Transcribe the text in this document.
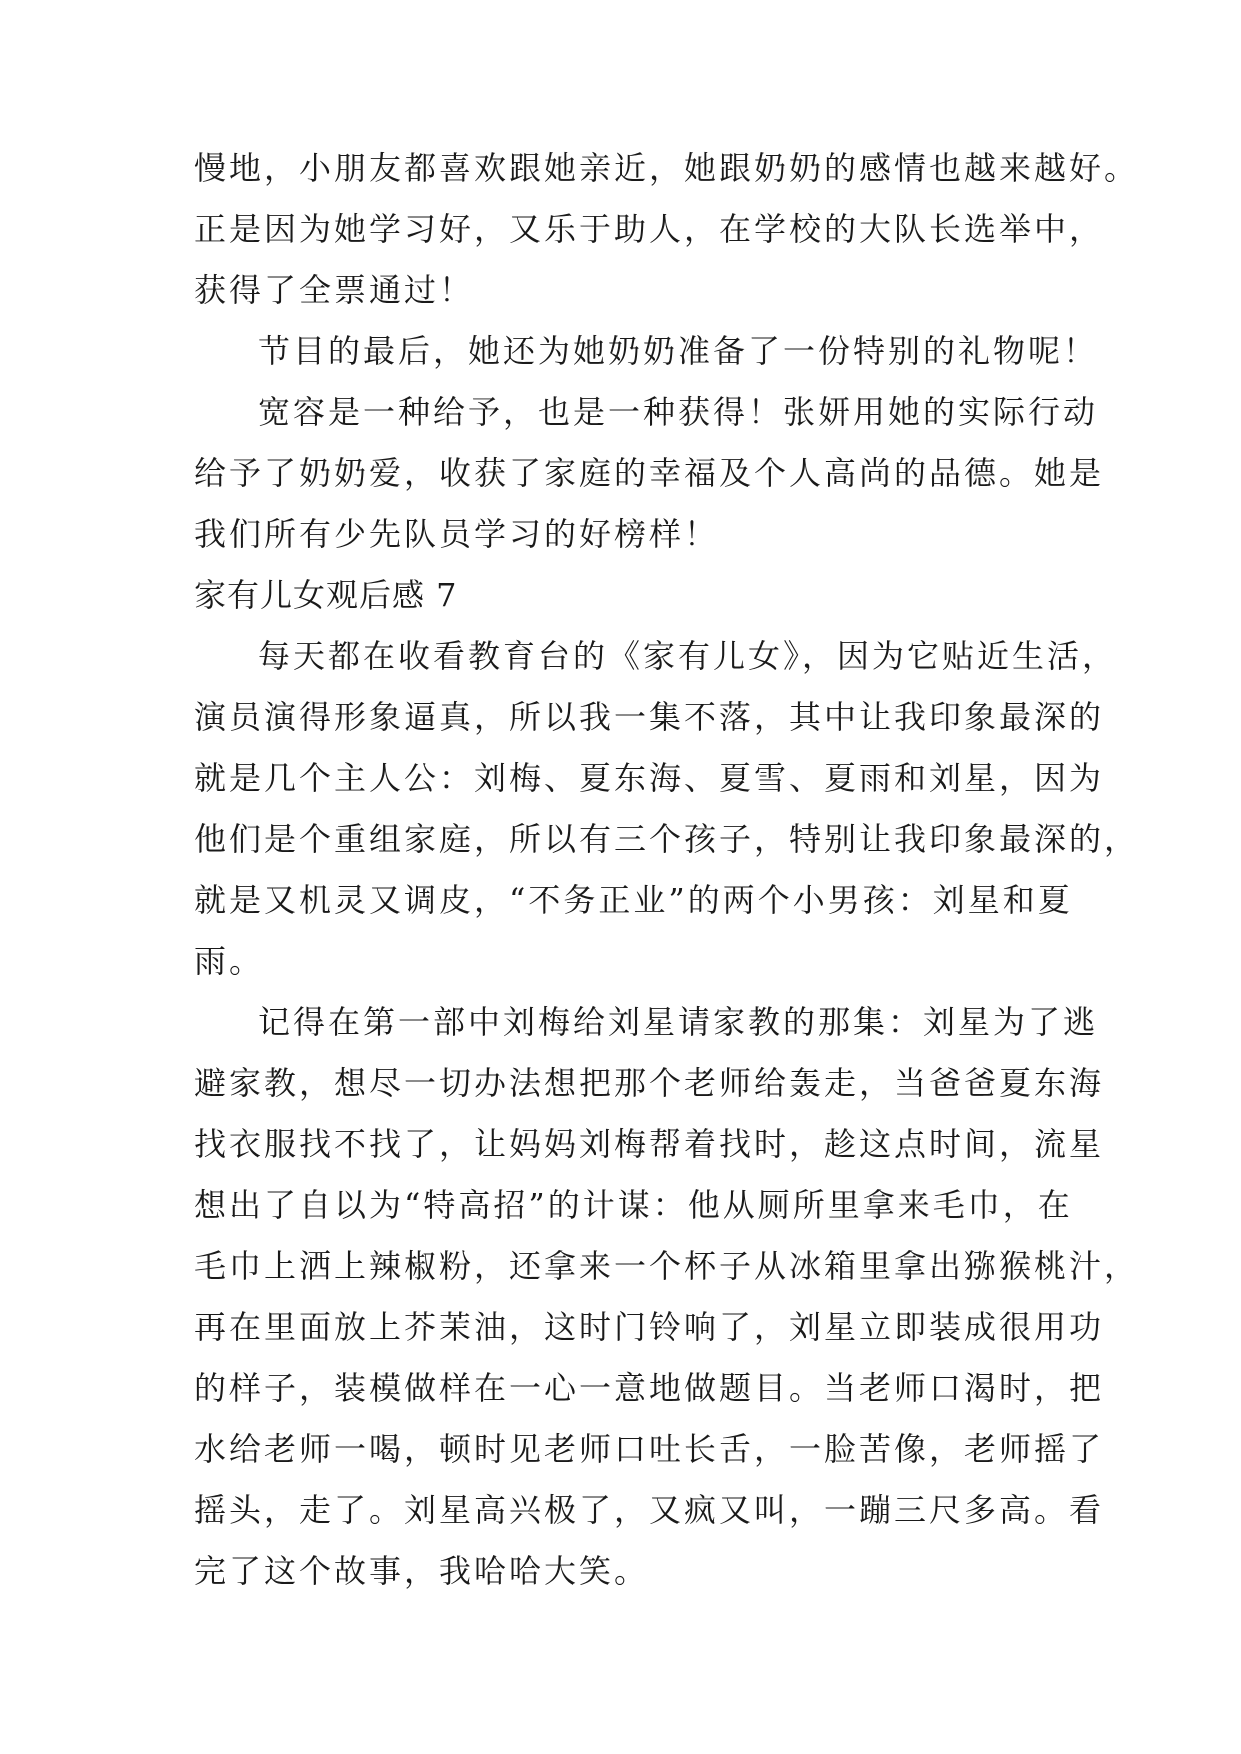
慢地，小朋友都喜欢跟她亲近，她跟奶奶的感情也越来越好。
正是因为她学习好，又乐于助人，在学校的大队长选举中，
获得了全票通过！
节目的最后，她还为她奶奶准备了一份特别的礼物呢！
宽容是一种给予，也是一种获得！张妍用她的实际行动
给予了奶奶爱，收获了家庭的幸福及个人高尚的品德。她是
我们所有少先队员学习的好榜样！
家有儿女观后感 7
每天都在收看教育台的《家有儿女》，因为它贴近生活，
演员演得形象逼真，所以我一集不落，其中让我印象最深的
就是几个主人公：刘梅、夏东海、夏雪、夏雨和刘星，因为
他们是个重组家庭，所以有三个孩子，特别让我印象最深的，
就是又机灵又调皮，“不务正业”的两个小男孩：刘星和夏
雨。
记得在第一部中刘梅给刘星请家教的那集：刘星为了逃
避家教，想尽一切办法想把那个老师给轰走，当爸爸夏东海
找衣服找不找了，让妈妈刘梅帮着找时，趁这点时间，流星
想出了自以为“特高招”的计谋：他从厕所里拿来毛巾，在
毛巾上洒上辣椒粉，还拿来一个杯子从冰箱里拿出猕猴桃汁，
再在里面放上芥茉油，这时门铃响了，刘星立即装成很用功
的样子，装模做样在一心一意地做题目。当老师口渴时，把
水给老师一喝，顿时见老师口吐长舌，一脸苦像，老师摇了
摇头，走了。刘星高兴极了，又疯又叫，一蹦三尺多高。看
完了这个故事，我哈哈大笑。
